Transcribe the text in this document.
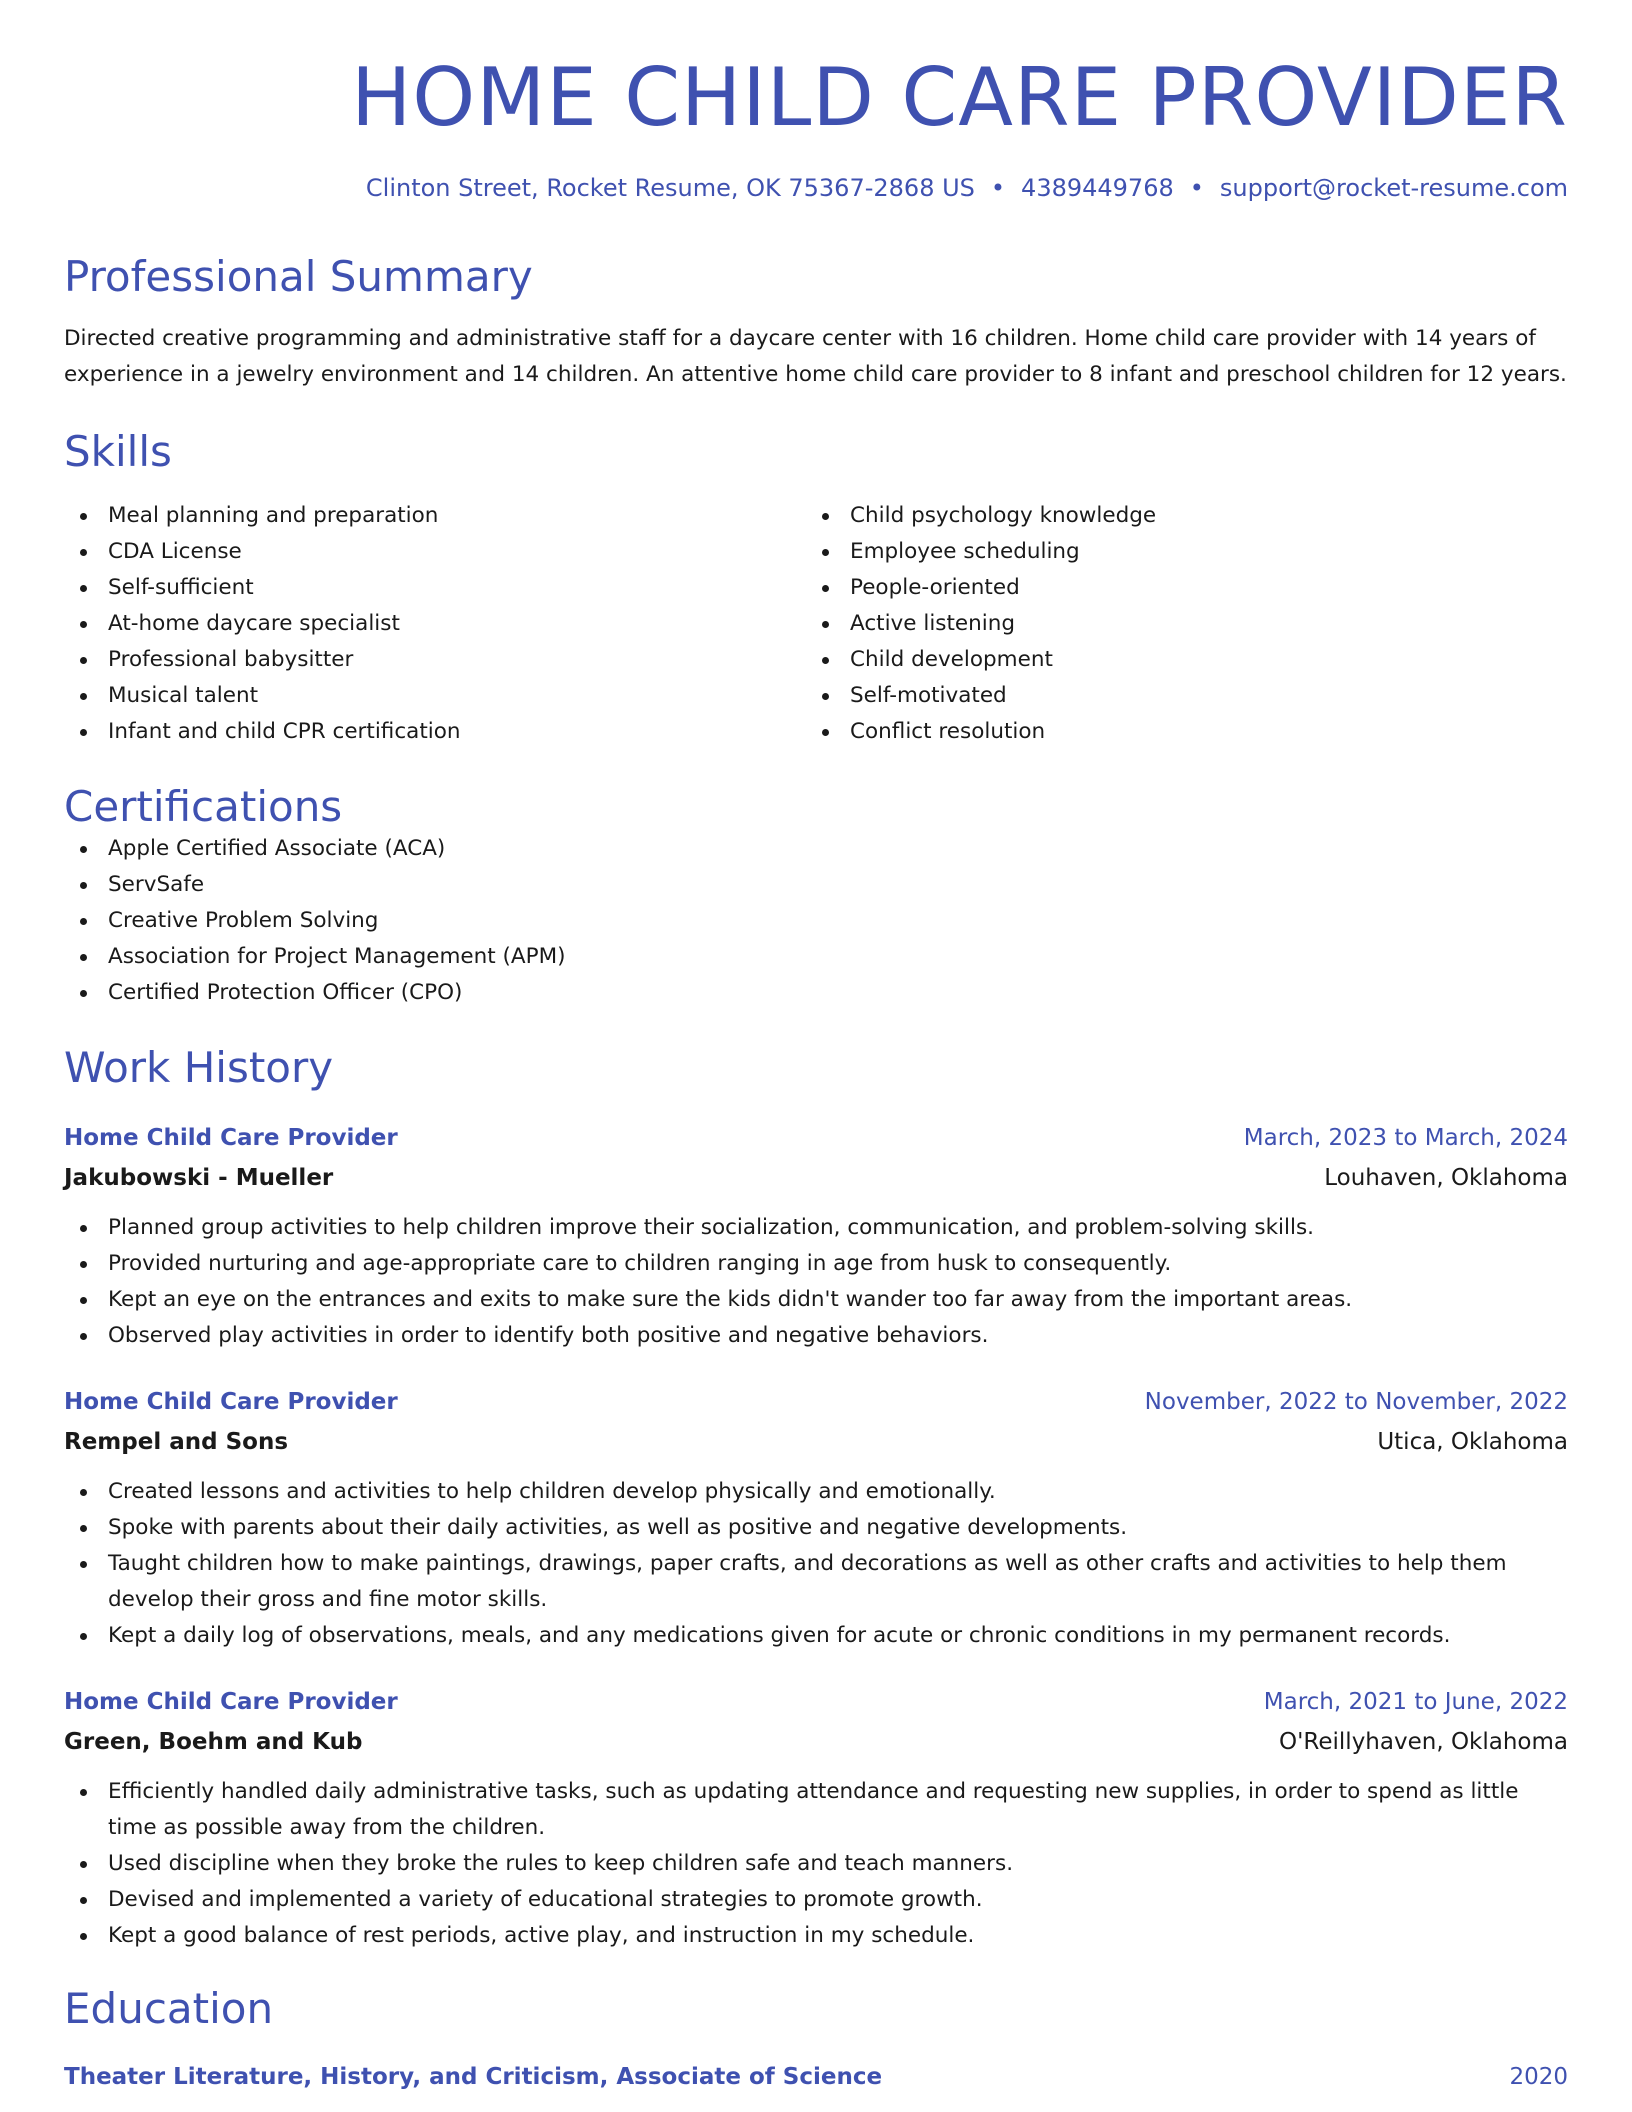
HOME CHILD CARE PROVIDER
Clinton Street, Rocket Resume, OK 75367-2868 US • 4389449768 • support@rocket-resume.com
Professional Summary
Directed creative programming and administrative staff for a daycare center with 16 children. Home child care provider with 14 years of experience in a jewelry environment and 14 children. An attentive home child care provider to 8 infant and preschool children for 12 years.
Skills
Meal planning and preparation
CDA License
Self-sufficient
At-home daycare specialist
Professional babysitter
Musical talent
Infant and child CPR certification
Child psychology knowledge
Employee scheduling
People-oriented
Active listening
Child development
Self-motivated
Conflict resolution
Certifications
Apple Certified Associate (ACA)
ServSafe
Creative Problem Solving
Association for Project Management (APM)
Certified Protection Officer (CPO)
Work History
Home Child Care Provider	March, 2023 to March, 2024
Jakubowski - Mueller	Louhaven, Oklahoma
Planned group activities to help children improve their socialization, communication, and problem-solving skills.
Provided nurturing and age-appropriate care to children ranging in age from husk to consequently.
Kept an eye on the entrances and exits to make sure the kids didn't wander too far away from the important areas.
Observed play activities in order to identify both positive and negative behaviors.
Home Child Care Provider	November, 2022 to November, 2022
Rempel and Sons	Utica, Oklahoma
Created lessons and activities to help children develop physically and emotionally.
Spoke with parents about their daily activities, as well as positive and negative developments.
Taught children how to make paintings, drawings, paper crafts, and decorations as well as other crafts and activities to help them develop their gross and fine motor skills.
Kept a daily log of observations, meals, and any medications given for acute or chronic conditions in my permanent records.
Home Child Care Provider	March, 2021 to June, 2022
Green, Boehm and Kub	O'Reillyhaven, Oklahoma
Efficiently handled daily administrative tasks, such as updating attendance and requesting new supplies, in order to spend as little time as possible away from the children.
Used discipline when they broke the rules to keep children safe and teach manners.
Devised and implemented a variety of educational strategies to promote growth.
Kept a good balance of rest periods, active play, and instruction in my schedule.
Education
Theater Literature, History, and Criticism, Associate of Science	2020
